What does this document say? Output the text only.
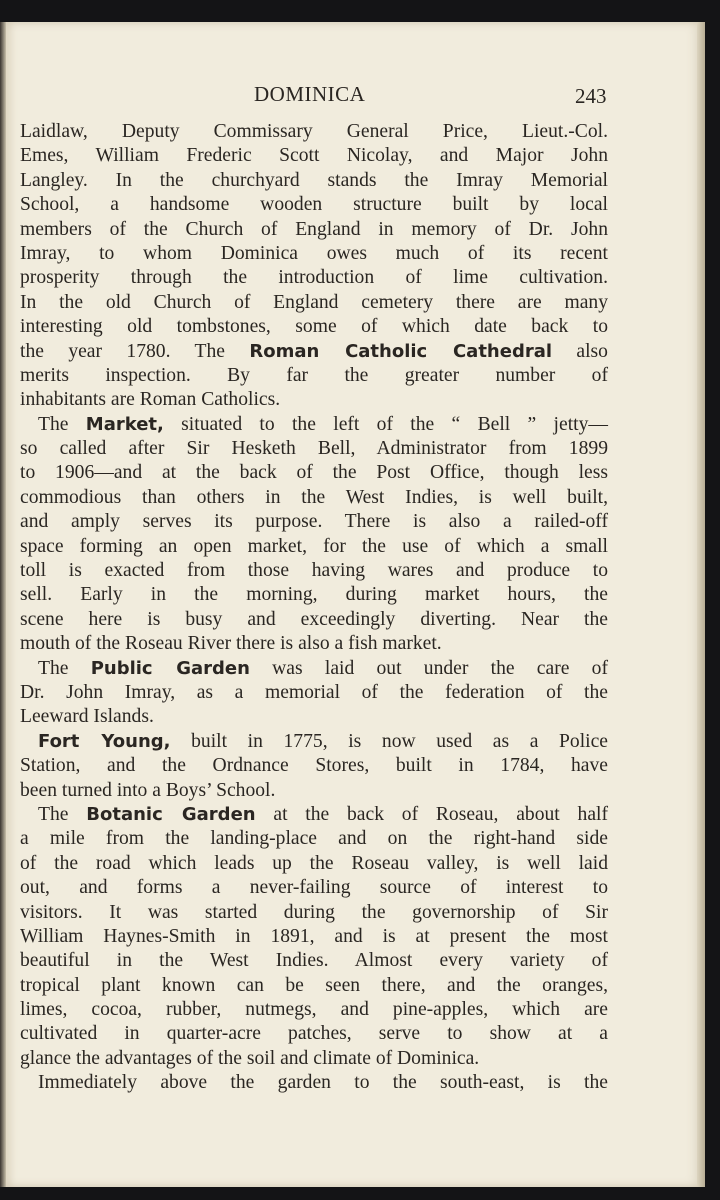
DOMINICA	243
Laidlaw, Deputy Commissary General Price, Lieut.-Col.
Emes, William Frederic Scott Nicolay, and Major John
Langley. In the churchyard stands the Imray Memorial
School, a handsome wooden structure built by local
members of the Church of England in memory of Dr. John
Imray, to whom Dominica owes much of its recent
prosperity through the introduction of lime cultivation.
In the old Church of England cemetery there are many
interesting old tombstones, some of which date back to
the year 1780. The Roman Catholic Cathedral also
merits inspection. By far the greater number of
inhabitants are Roman Catholics.
The Market, situated to the left of the “ Bell ” jetty—
so called after Sir Hesketh Bell, Administrator from 1899
to 1906—and at the back of the Post Office, though less
commodious than others in the West Indies, is well built,
and amply serves its purpose. There is also a railed-off
space forming an open market, for the use of which a small
toll is exacted from those having wares and produce to
sell. Early in the morning, during market hours, the
scene here is busy and exceedingly diverting. Near the
mouth of the Roseau River there is also a fish market.
The Public Garden was laid out under the care of
Dr. John Imray, as a memorial of the federation of the
Leeward Islands.
Fort Young, built in 1775, is now used as a Police
Station, and the Ordnance Stores, built in 1784, have
been turned into a Boys’ School.
The Botanic Garden at the back of Roseau, about half
a mile from the landing-place and on the right-hand side
of the road which leads up the Roseau valley, is well laid
out, and forms a never-failing source of interest to
visitors. It was started during the governorship of Sir
William Haynes-Smith in 1891, and is at present the most
beautiful in the West Indies. Almost every variety of
tropical plant known can be seen there, and the oranges,
limes, cocoa, rubber, nutmegs, and pine-apples, which are
cultivated in quarter-acre patches, serve to show at a
glance the advantages of the soil and climate of Dominica.
Immediately above the garden to the south-east, is the
